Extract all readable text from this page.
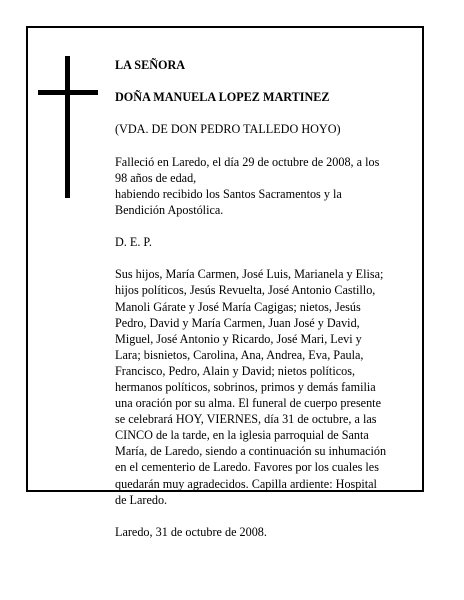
LA SEÑORA

DOÑA MANUELA LOPEZ MARTINEZ

(VDA. DE DON PEDRO TALLEDO HOYO)

Falleció en Laredo, el día 29 de octubre de 2008, a los
98 años de edad,
habiendo recibido los Santos Sacramentos y la
Bendición Apostólica.

D. E. P.

Sus hijos, María Carmen, José Luis, Marianela y Elisa;
hijos políticos, Jesús Revuelta, José Antonio Castillo,
Manoli Gárate y José María Cagigas; nietos, Jesús
Pedro, David y María Carmen, Juan José y David,
Miguel, José Antonio y Ricardo, José Mari, Levi y
Lara; bisnietos, Carolina, Ana, Andrea, Eva, Paula,
Francisco, Pedro, Alain y David; nietos políticos,
hermanos políticos, sobrinos, primos y demás familia
una oración por su alma. El funeral de cuerpo presente
se celebrará HOY, VIERNES, día 31 de octubre, a las
CINCO de la tarde, en la iglesia parroquial de Santa
María, de Laredo, siendo a continuación su inhumación
en el cementerio de Laredo. Favores por los cuales les
quedarán muy agradecidos. Capilla ardiente: Hospital
de Laredo.

Laredo, 31 de octubre de 2008.
